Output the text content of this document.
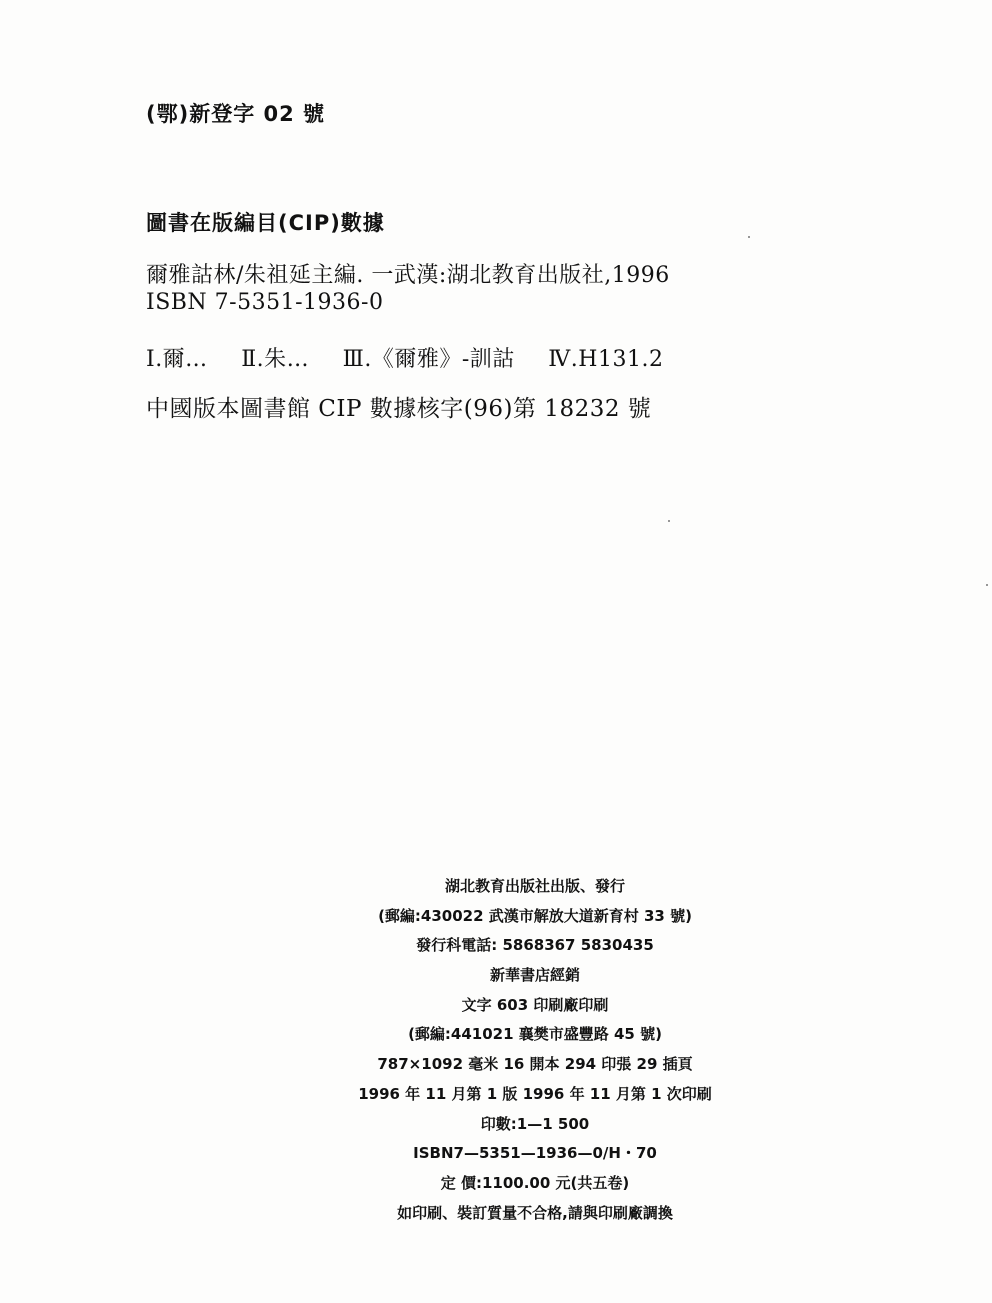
(鄂)新登字 02 號
圖書在版編目(CIP)數據
爾雅詁林/朱祖延主編. 一武漢:湖北教育出版社,1996
ISBN 7-5351-1936-0
Ⅰ.爾… Ⅱ.朱… Ⅲ.《爾雅》-訓詁 Ⅳ.H131.2
中國版本圖書館 CIP 數據核字(96)第 18232 號
湖北教育出版社出版、發行
(郵編:430022 武漢市解放大道新育村 33 號)
發行科電話: 5868367 5830435
新華書店經銷
文字 603 印刷廠印刷
(郵編:441021 襄樊市盛豐路 45 號)
787×1092 毫米 16 開本 294 印張 29 插頁
1996 年 11 月第 1 版 1996 年 11 月第 1 次印刷
印數:1—1 500
ISBN7—5351—1936—0/H・70
定 價:1100.00 元(共五卷)
如印刷、裝訂質量不合格,請與印刷廠調換
